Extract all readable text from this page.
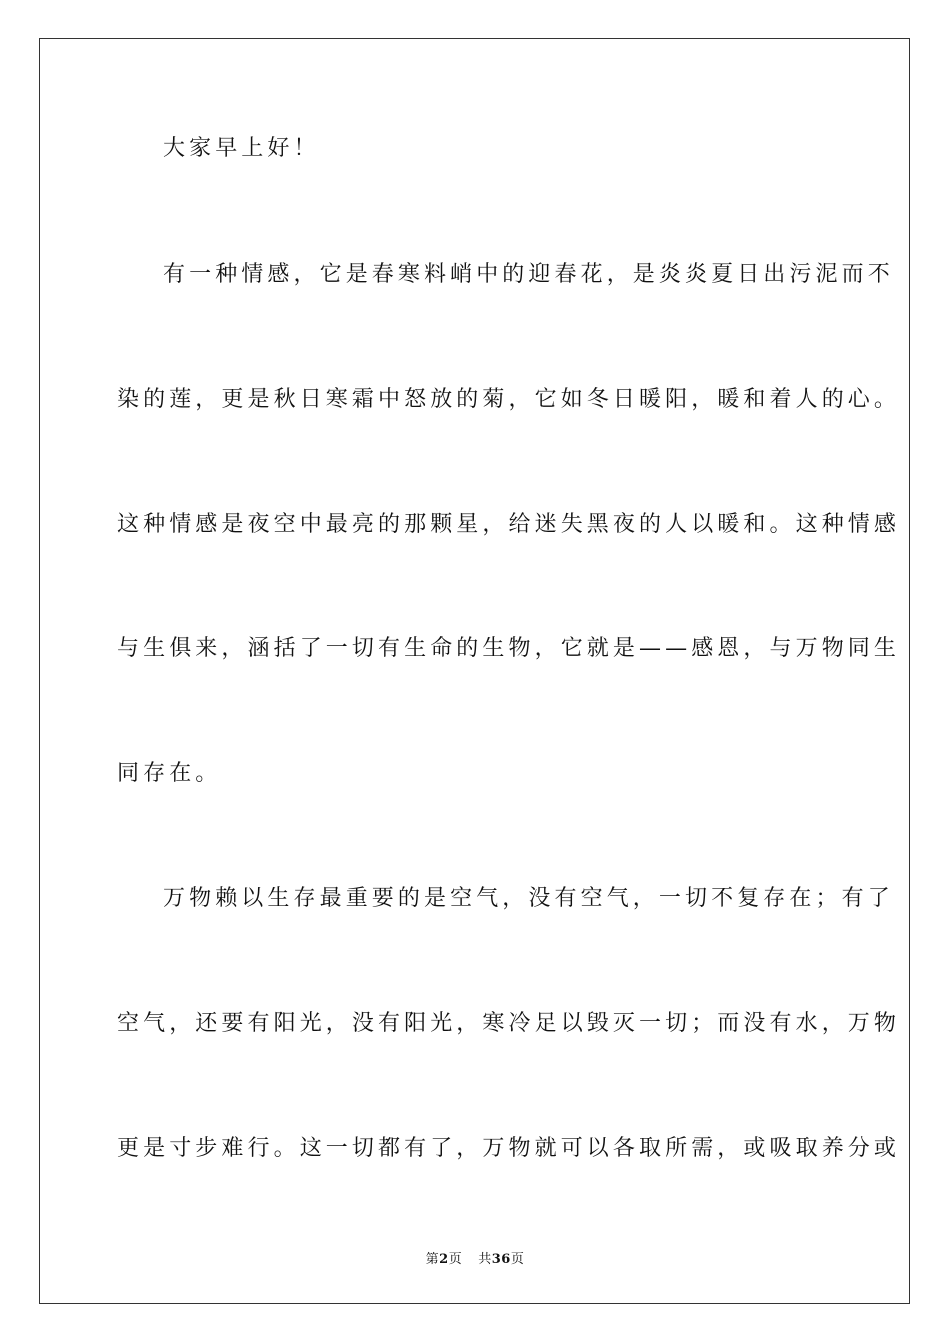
大家早上好！
有一种情感，它是春寒料峭中的迎春花，是炎炎夏日出污泥而不
染的莲，更是秋日寒霜中怒放的菊，它如冬日暖阳，暖和着人的心。
这种情感是夜空中最亮的那颗星，给迷失黑夜的人以暖和。这种情感
与生俱来，涵括了一切有生命的生物，它就是——感恩，与万物同生
同存在。
万物赖以生存最重要的是空气，没有空气，一切不复存在；有了
空气，还要有阳光，没有阳光，寒冷足以毁灭一切；而没有水，万物
更是寸步难行。这一切都有了，万物就可以各取所需，或吸取养分或
第2页 共36页
